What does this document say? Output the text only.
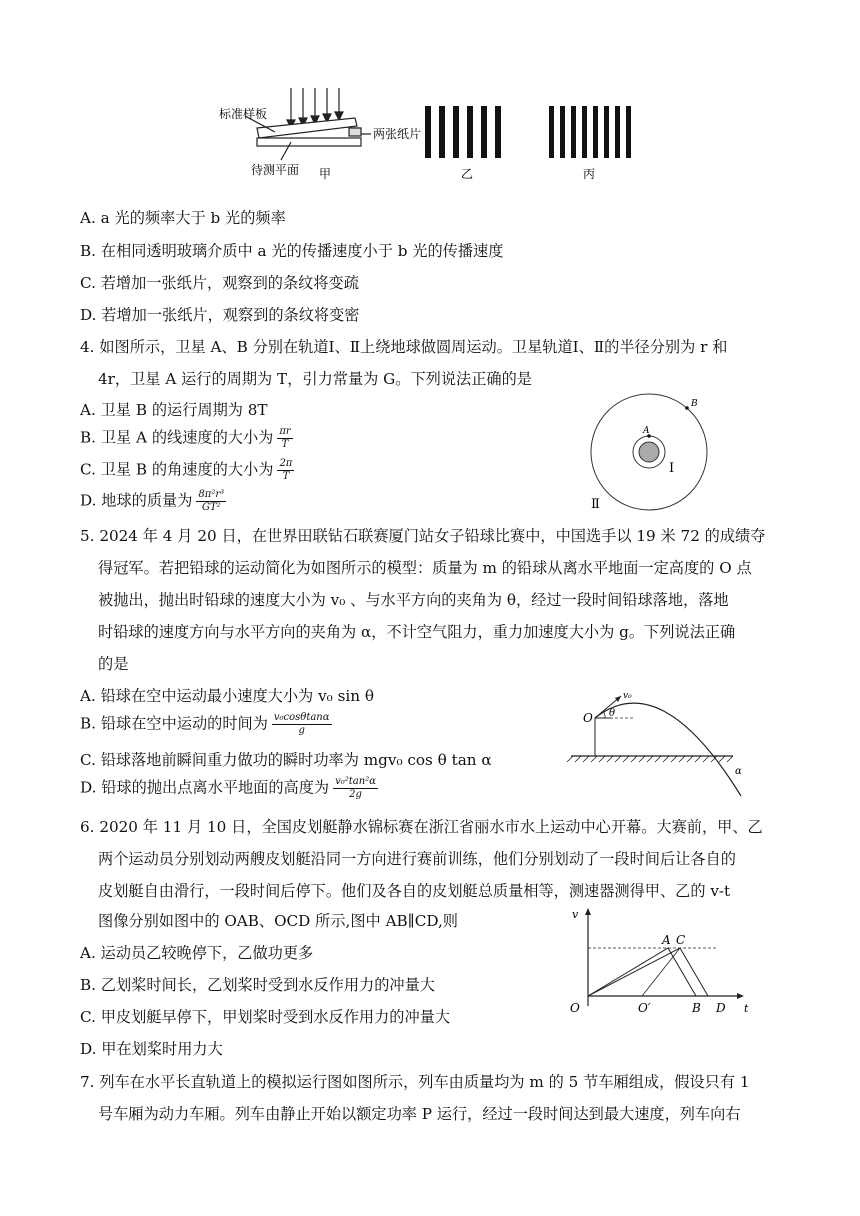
标准样板
两张纸片
待测平面 甲	乙	丙
A. a 光的频率大于 b 光的频率
B. 在相同透明玻璃介质中 a 光的传播速度小于 b 光的传播速度
C. 若增加一张纸片，观察到的条纹将变疏
D. 若增加一张纸片，观察到的条纹将变密
4. 如图所示，卫星 A、B 分别在轨道Ⅰ、Ⅱ上绕地球做圆周运动。卫星轨道Ⅰ、Ⅱ的半径分别为 r 和
4r，卫星 A 运行的周期为 T，引力常量为 G。下列说法正确的是
A. 卫星 B 的运行周期为 8T
B. 卫星 A 的线速度的大小为 $\frac{\pi r}{T}$
C. 卫星 B 的角速度的大小为 $\frac{2\pi}{T}$
D. 地球的质量为 $\frac{\text{8π²r³}}{\text{GT²}}$
A
B
Ⅰ
Ⅱ
5. 2024 年 4 月 20 日，在世界田联钻石联赛厦门站女子铅球比赛中，中国选手以 19 米 72 的成绩夺
得冠军。若把铅球的运动简化为如图所示的模型：质量为 m 的铅球从离水平地面一定高度的 O 点
被抛出，抛出时铅球的速度大小为 v₀ 、与水平方向的夹角为 θ，经过一段时间铅球落地，落地
时铅球的速度方向与水平方向的夹角为 α，不计空气阻力，重力加速度大小为 g。下列说法正确
的是
A. 铅球在空中运动最小速度大小为 v₀ sin θ
B. 铅球在空中运动的时间为 $\frac{\text{v₀cosθtanα}}{g}$
C. 铅球落地前瞬间重力做功的瞬时功率为 mgv₀ cos θ tan α
D. 铅球的抛出点离水平地面的高度为 $\frac{\text{v₀²tan²α}}{2g}$
O
v₀
θ
α
6. 2020 年 11 月 10 日，全国皮划艇静水锦标赛在浙江省丽水市水上运动中心开幕。大赛前，甲、乙
两个运动员分别划动两艘皮划艇沿同一方向进行赛前训练，他们分别划动了一段时间后让各自的
皮划艇自由滑行，一段时间后停下。他们及各自的皮划艇总质量相等，测速器测得甲、乙的 v-t
图像分别如图中的 OAB、OCD 所示,图中 AB∥CD,则
A. 运动员乙较晚停下，乙做功更多
B. 乙划桨时间长，乙划桨时受到水反作用力的冲量大
C. 甲皮划艇早停下，甲划桨时受到水反作用力的冲量大
D. 甲在划桨时用力大
v
t
O	O′
A C
B D
7. 列车在水平长直轨道上的模拟运行图如图所示，列车由质量均为 m 的 5 节车厢组成，假设只有 1
号车厢为动力车厢。列车由静止开始以额定功率 P 运行，经过一段时间达到最大速度，列车向右
